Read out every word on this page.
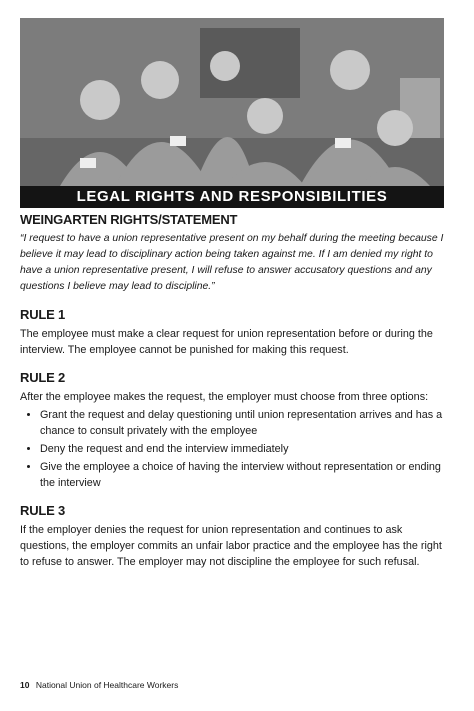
LEGAL RIGHTS AND RESPONSIBILITIES
WEINGARTEN RIGHTS/STATEMENT

“I request to have a union representative present on my behalf during the meeting because I believe it may lead to disciplinary action being taken against me. If I am denied my right to have a union representative present, I will refuse to answer accusatory questions and any questions I believe may lead to discipline.”

RULE 1

The employee must make a clear request for union representation before or during the interview. The employee cannot be punished for making this request.

RULE 2

After the employee makes the request, the employer must choose from three options:

• Grant the request and delay questioning until union representation arrives and has a chance to consult privately with the employee
• Deny the request and end the interview immediately
• Give the employee a choice of having the interview without representation or ending the interview
RULE 3

If the employer denies the request for union representation and continues to ask questions, the employer commits an unfair labor practice and the employee has the right to refuse to answer. The employer may not discipline the employee for such refusal.

10 National Union of Healthcare Workers
